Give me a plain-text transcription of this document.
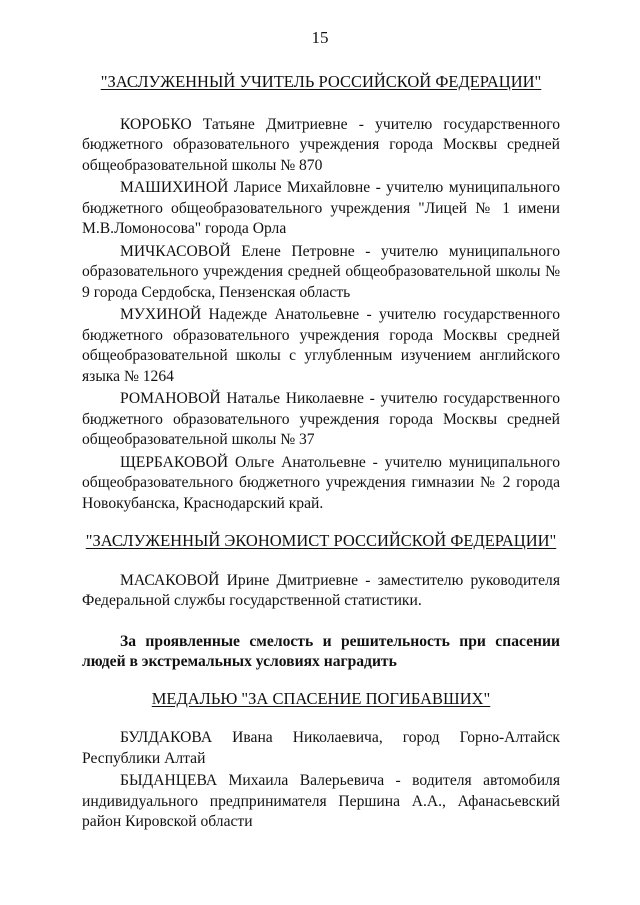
15

"ЗАСЛУЖЕННЫЙ УЧИТЕЛЬ РОССИЙСКОЙ ФЕДЕРАЦИИ"

КОРОБКО Татьяне Дмитриевне - учителю государственного бюджетного образовательного учреждения города Москвы средней общеобразовательной школы № 870

МАШИХИНОЙ Ларисе Михайловне - учителю муниципального бюджетного общеобразовательного учреждения "Лицей № 1 имени М.В.Ломоносова" города Орла

МИЧКАСОВОЙ Елене Петровне - учителю муниципального образовательного учреждения средней общеобразовательной школы № 9 города Сердобска, Пензенская область

МУХИНОЙ Надежде Анатольевне - учителю государственного бюджетного образовательного учреждения города Москвы средней общеобразовательной школы с углубленным изучением английского языка № 1264

РОМАНОВОЙ Наталье Николаевне - учителю государственного бюджетного образовательного учреждения города Москвы средней общеобразовательной школы № 37

ЩЕРБАКОВОЙ Ольге Анатольевне - учителю муниципального общеобразовательного бюджетного учреждения гимназии № 2 города Новокубанска, Краснодарский край.

"ЗАСЛУЖЕННЫЙ ЭКОНОМИСТ РОССИЙСКОЙ ФЕДЕРАЦИИ"

МАСАКОВОЙ Ирине Дмитриевне - заместителю руководителя Федеральной службы государственной статистики.

За проявленные смелость и решительность при спасении людей в экстремальных условиях наградить

МЕДАЛЬЮ "ЗА СПАСЕНИЕ ПОГИБАВШИХ"

БУЛДАКОВА Ивана Николаевича, город Горно-Алтайск Республики Алтай

БЫДАНЦЕВА Михаила Валерьевича - водителя автомобиля индивидуального предпринимателя Першина А.А., Афанасьевский район Кировской области
